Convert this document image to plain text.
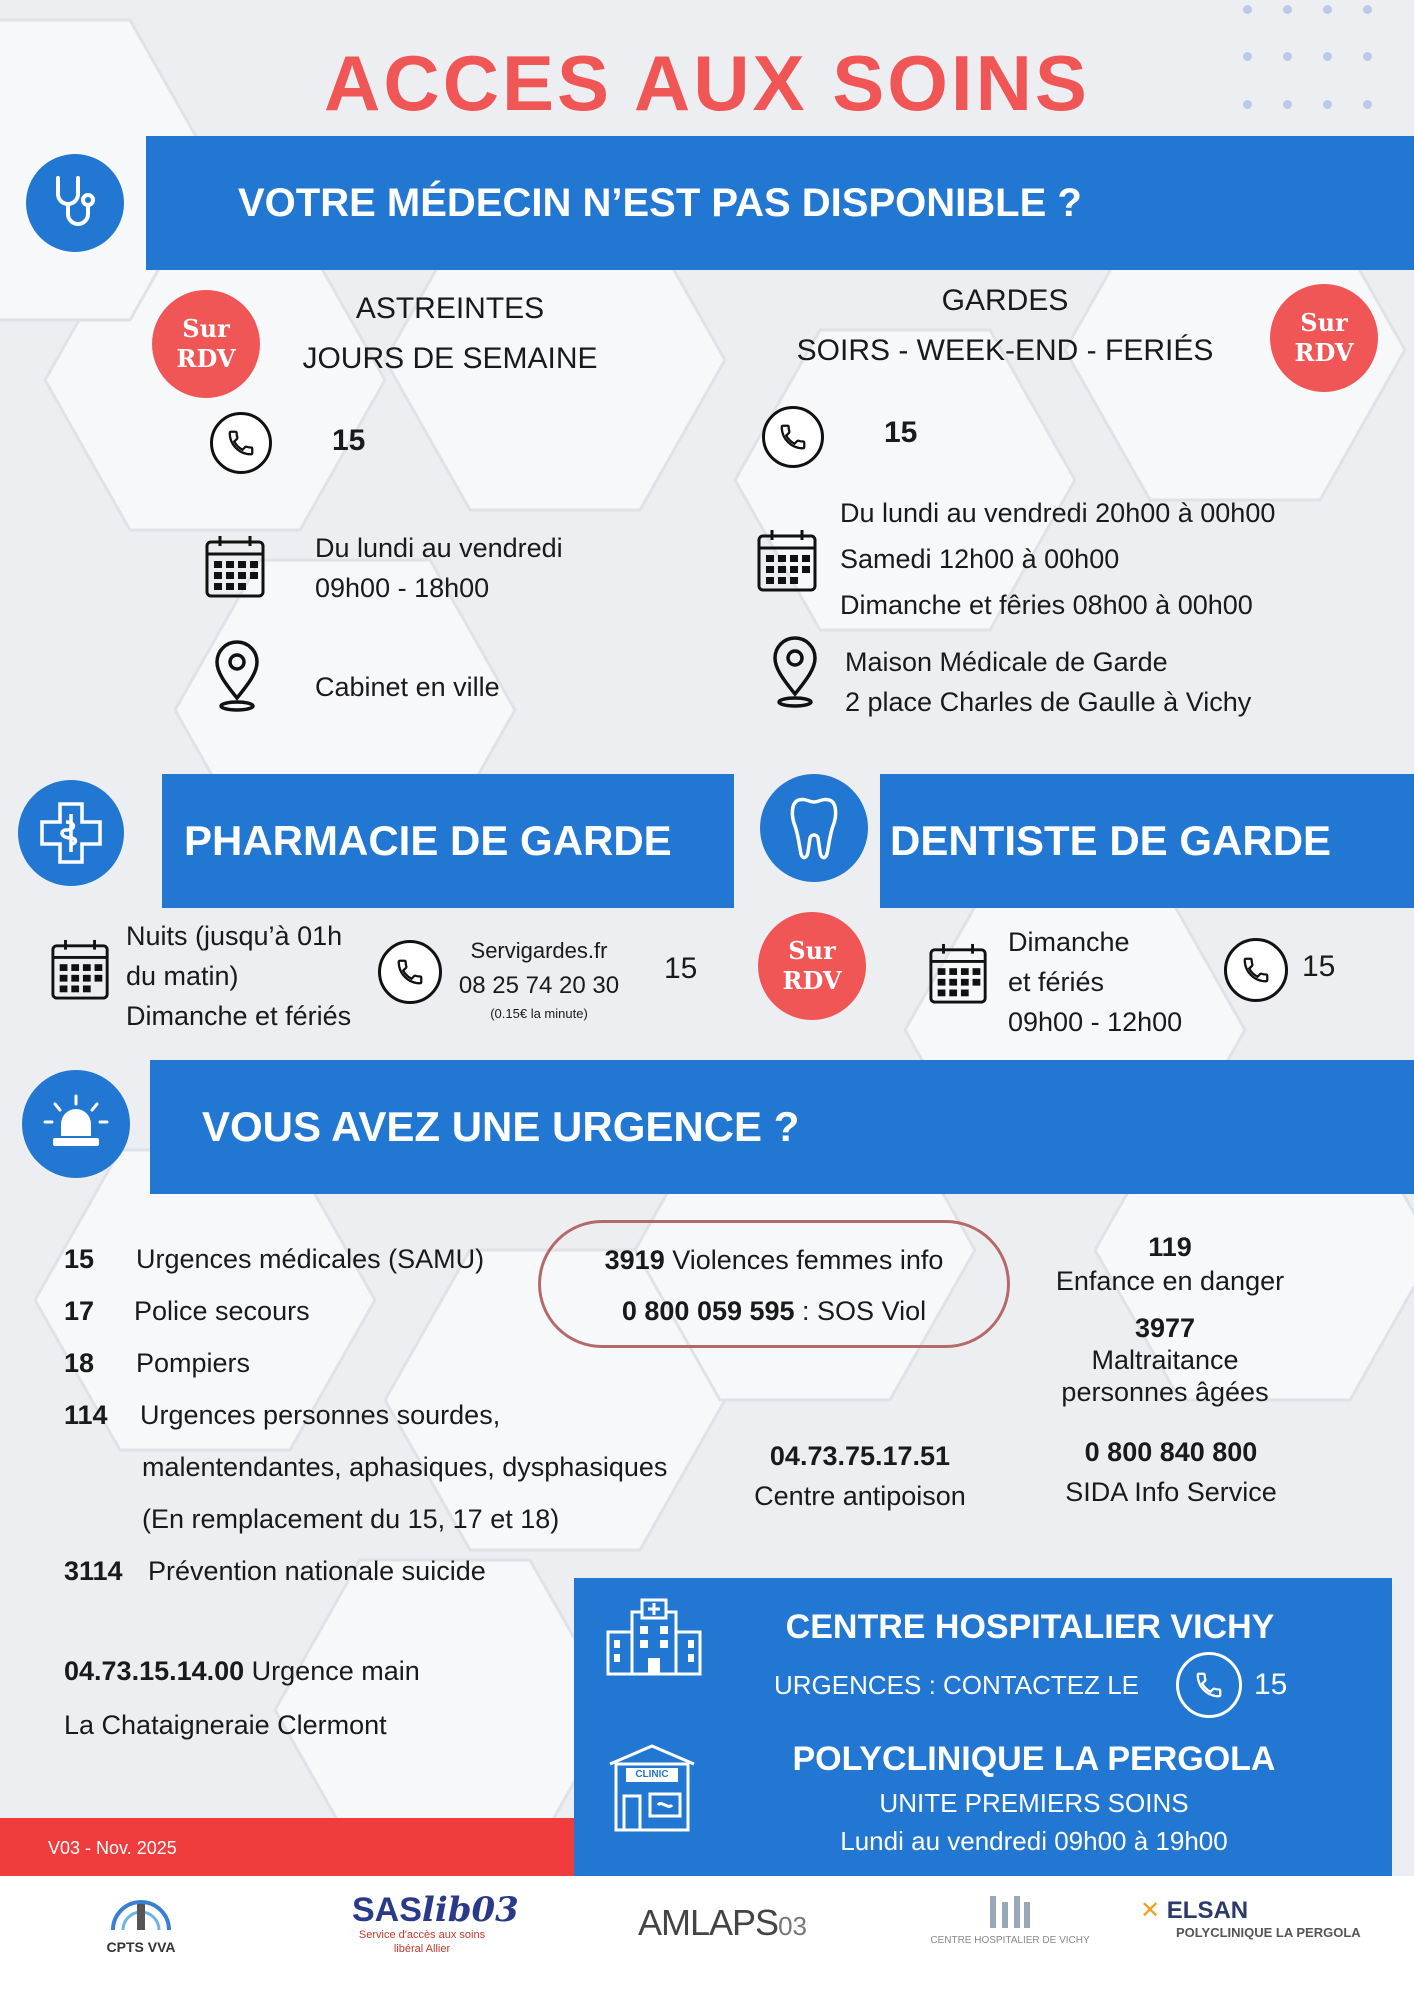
ACCES AUX SOINS
VOTRE MÉDECIN N’EST PAS DISPONIBLE ?
Sur
RDV
ASTREINTES
JOURS DE SEMAINE
15
Du lundi au vendredi
09h00 - 18h00
Cabinet en ville
GARDES
SOIRS - WEEK-END - FERIÉS
Sur
RDV
15
Du lundi au vendredi 20h00 à 00h00
Samedi 12h00 à 00h00
Dimanche et fêries 08h00 à 00h00
Maison Médicale de Garde
2 place Charles de Gaulle à Vichy
PHARMACIE DE GARDE	DENTISTE DE GARDE
Nuits (jusqu’à 01h
du matin)
Dimanche et fériés
Servigardes.fr
08 25 74 20 30
(0.15€ la minute)
15
Sur
RDV
Dimanche
et fériés
09h00 - 12h00
15
VOUS AVEZ UNE URGENCE ?
15	Urgences médicales (SAMU)
17	Police secours
18	Pompiers
114	Urgences personnes sourdes,
malentendantes, aphasiques, dysphasiques
(En remplacement du 15, 17 et 18)
3114 Prévention nationale suicide
3919 Violences femmes info
0 800 059 595 : SOS Viol
119
Enfance en danger
3977
Maltraitance
personnes âgées
04.73.75.17.51
Centre antipoison
0 800 840 800
SIDA Info Service
04.73.15.14.00 Urgence main
La Chataigneraie Clermont
CENTRE HOSPITALIER VICHY
URGENCES : CONTACTEZ LE	15
CLINIC	POLYCLINIQUE LA PERGOLA
UNITE PREMIERS SOINS
Lundi au vendredi 09h00 à 19h00
V03 - Nov. 2025
CPTS VVA
SASlib03
Service d'accès aux soins
libéral Allier
AMLAPS03	CENTRE HOSPITALIER DE VICHY
✕ ELSAN
POLYCLINIQUE LA PERGOLA
